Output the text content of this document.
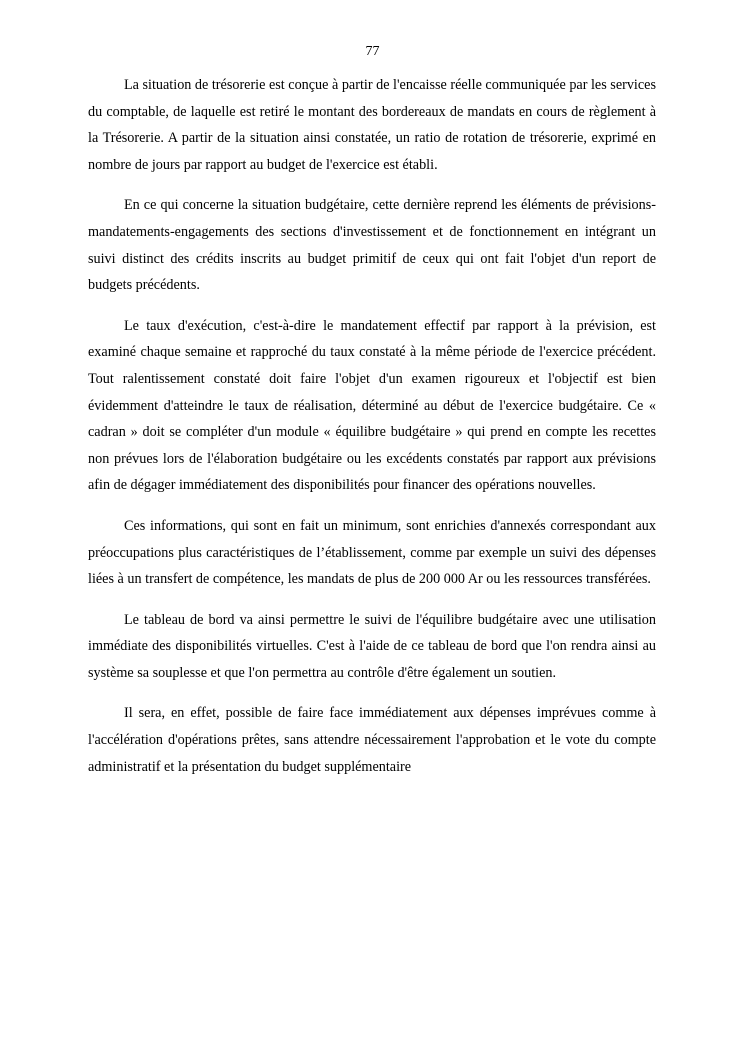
77

La situation de trésorerie est conçue à partir de l'encaisse réelle communiquée par les services du comptable, de laquelle est retiré le montant des bordereaux de mandats en cours de règlement à la Trésorerie. A partir de la situation ainsi constatée, un ratio de rotation de trésorerie, exprimé en nombre de jours par rapport au budget de l'exercice est établi.

En ce qui concerne la situation budgétaire, cette dernière reprend les éléments de prévisions-mandatements-engagements des sections d'investissement et de fonctionnement en intégrant un suivi distinct des crédits inscrits au budget primitif de ceux qui ont fait l'objet d'un report de budgets précédents.

Le taux d'exécution, c'est-à-dire le mandatement effectif par rapport à la prévision, est examiné chaque semaine et rapproché du taux constaté à la même période de l'exercice précédent. Tout ralentissement constaté doit faire l'objet d'un examen rigoureux et l'objectif est bien évidemment d'atteindre le taux de réalisation, déterminé au début de l'exercice budgétaire. Ce « cadran » doit se compléter d'un module « équilibre budgétaire » qui prend en compte les recettes non prévues lors de l'élaboration budgétaire ou les excédents constatés par rapport aux prévisions afin de dégager immédiatement des disponibilités pour financer des opérations nouvelles.

Ces informations, qui sont en fait un minimum, sont enrichies d'annexés correspondant aux préoccupations plus caractéristiques de l’établissement, comme par exemple un suivi des dépenses liées à un transfert de compétence, les mandats de plus de 200 000 Ar ou les ressources transférées.

Le tableau de bord va ainsi permettre le suivi de l'équilibre budgétaire avec une utilisation immédiate des disponibilités virtuelles. C'est à l'aide de ce tableau de bord que l'on rendra ainsi au système sa souplesse et que l'on permettra au contrôle d'être également un soutien.

Il sera, en effet, possible de faire face immédiatement aux dépenses imprévues comme à l'accélération d'opérations prêtes, sans attendre nécessairement l'approbation et le vote du compte administratif et la présentation du budget supplémentaire
